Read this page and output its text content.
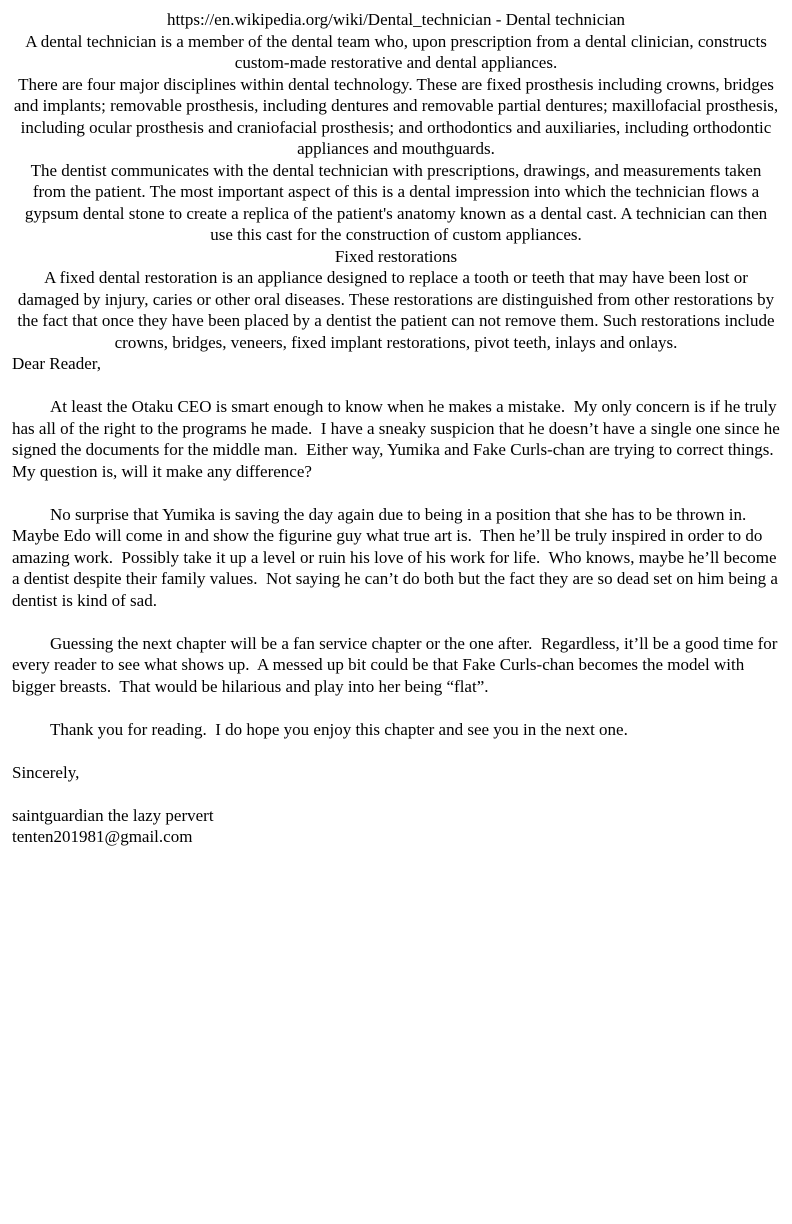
https://en.wikipedia.org/wiki/Dental_technician - Dental technician

A dental technician is a member of the dental team who, upon prescription from a dental clinician, constructs custom-made restorative and dental appliances.

There are four major disciplines within dental technology. These are fixed prosthesis including crowns, bridges and implants; removable prosthesis, including dentures and removable partial dentures; maxillofacial prosthesis, including ocular prosthesis and craniofacial prosthesis; and orthodontics and auxiliaries, including orthodontic appliances and mouthguards.

The dentist communicates with the dental technician with prescriptions, drawings, and measurements taken from the patient. The most important aspect of this is a dental impression into which the technician flows a gypsum dental stone to create a replica of the patient's anatomy known as a dental cast. A technician can then use this cast for the construction of custom appliances.

Fixed restorations

A fixed dental restoration is an appliance designed to replace a tooth or teeth that may have been lost or damaged by injury, caries or other oral diseases. These restorations are distinguished from other restorations by the fact that once they have been placed by a dentist the patient can not remove them. Such restorations include crowns, bridges, veneers, fixed implant restorations, pivot teeth, inlays and onlays.

Dear Reader,

At least the Otaku CEO is smart enough to know when he makes a mistake.  My only concern is if he truly has all of the right to the programs he made.  I have a sneaky suspicion that he doesn’t have a single one since he signed the documents for the middle man.  Either way, Yumika and Fake Curls-chan are trying to correct things.  My question is, will it make any difference?

No surprise that Yumika is saving the day again due to being in a position that she has to be thrown in.  Maybe Edo will come in and show the figurine guy what true art is.  Then he’ll be truly inspired in order to do amazing work.  Possibly take it up a level or ruin his love of his work for life.  Who knows, maybe he’ll become a dentist despite their family values.  Not saying he can’t do both but the fact they are so dead set on him being a dentist is kind of sad.

Guessing the next chapter will be a fan service chapter or the one after.  Regardless, it’ll be a good time for every reader to see what shows up.  A messed up bit could be that Fake Curls-chan becomes the model with bigger breasts.  That would be hilarious and play into her being “flat”.

Thank you for reading.  I do hope you enjoy this chapter and see you in the next one.

Sincerely,

saintguardian the lazy pervert

tenten201981@gmail.com
